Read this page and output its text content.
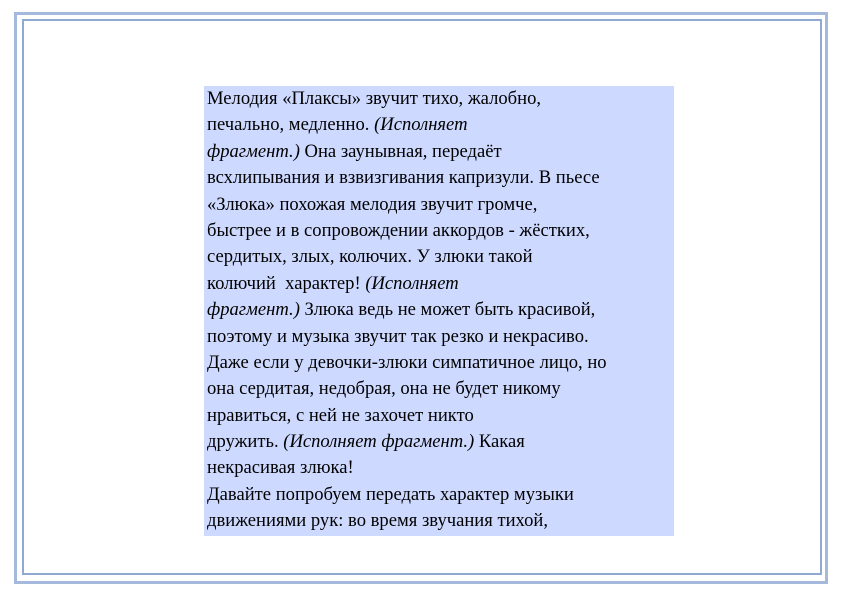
Мелодия «Плаксы» звучит тихо, жалобно,
печально, медленно. (Исполняет
фрагмент.) Она заунывная, передаёт
всхлипывания и взвизгивания капризули. В пьесе
«Злюка» похожая мелодия звучит громче,
быстрее и в сопровождении аккордов - жёстких,
сердитых, злых, колючих. У злюки такой
колючий  характер! (Исполняет
фрагмент.) Злюка ведь не может быть красивой,
поэтому и музыка звучит так резко и некрасиво.
Даже если у девочки-злюки симпатичное лицо, но
она сердитая, недобрая, она не будет никому
нравиться, с ней не захочет никто
дружить. (Исполняет фрагмент.) Какая
некрасивая злюка!
Давайте попробуем передать характер музыки
движениями рук: во время звучания тихой,
